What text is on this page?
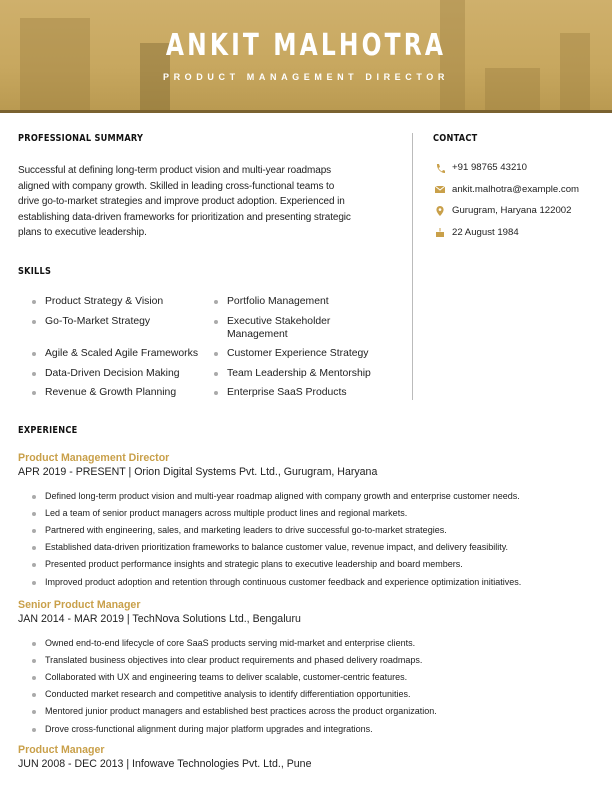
ANKIT MALHOTRA
PRODUCT MANAGEMENT DIRECTOR
PROFESSIONAL SUMMARY
Successful at defining long-term product vision and multi-year roadmaps
aligned with company growth. Skilled in leading cross-functional teams to
drive go-to-market strategies and improve product adoption. Experienced in
establishing data-driven frameworks for prioritization and presenting strategic
plans to executive leadership.
CONTACT
+91 98765 43210
ankit.malhotra@example.com
Gurugram, Haryana 122002
22 August 1984
SKILLS
Product Strategy & Vision
Go-To-Market Strategy
Agile & Scaled Agile Frameworks
Data-Driven Decision Making
Revenue & Growth Planning
Portfolio Management
Executive Stakeholder Management
Customer Experience Strategy
Team Leadership & Mentorship
Enterprise SaaS Products
EXPERIENCE
Product Management Director
APR 2019 - PRESENT | Orion Digital Systems Pvt. Ltd., Gurugram, Haryana
Defined long-term product vision and multi-year roadmap aligned with company growth and enterprise customer needs.
Led a team of senior product managers across multiple product lines and regional markets.
Partnered with engineering, sales, and marketing leaders to drive successful go-to-market strategies.
Established data-driven prioritization frameworks to balance customer value, revenue impact, and delivery feasibility.
Presented product performance insights and strategic plans to executive leadership and board members.
Improved product adoption and retention through continuous customer feedback and experience optimization initiatives.
Senior Product Manager
JAN 2014 - MAR 2019 | TechNova Solutions Ltd., Bengaluru
Owned end-to-end lifecycle of core SaaS products serving mid-market and enterprise clients.
Translated business objectives into clear product requirements and phased delivery roadmaps.
Collaborated with UX and engineering teams to deliver scalable, customer-centric features.
Conducted market research and competitive analysis to identify differentiation opportunities.
Mentored junior product managers and established best practices across the product organization.
Drove cross-functional alignment during major platform upgrades and integrations.
Product Manager
JUN 2008 - DEC 2013 | Infowave Technologies Pvt. Ltd., Pune
